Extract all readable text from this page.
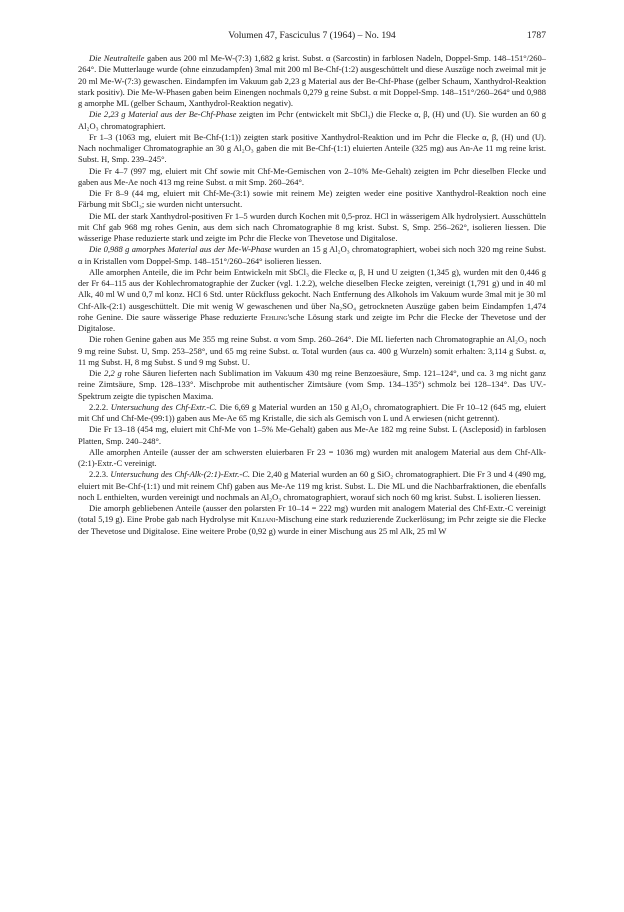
Volumen 47, Fasciculus 7 (1964) – No. 194	1787

Die Neutralteile gaben aus 200 ml Me-W-(7:3) 1,682 g krist. Subst. α (Sarcostin) in farblosen Nadeln, Doppel-Smp. 148–151°/260–264°. Die Mutterlauge wurde (ohne einzudampfen) 3mal mit 200 ml Be-Chf-(1:2) ausgeschüttelt und diese Auszüge noch zweimal mit je 20 ml Me-W-(7:3) gewaschen. Eindampfen im Vakuum gab 2,23 g Material aus der Be-Chf-Phase (gelber Schaum, Xanthydrol-Reaktion stark positiv). Die Me-W-Phasen gaben beim Einengen nochmals 0,279 g reine Subst. α mit Doppel-Smp. 148–151°/260–264° und 0,988 g amorphe ML (gelber Schaum, Xanthydrol-Reaktion negativ).

Die 2,23 g Material aus der Be-Chf-Phase zeigten im Pchr (entwickelt mit SbCl₃) die Flecke α, β, (H) und (U). Sie wurden an 60 g Al₂O₃ chromatographiert.

Fr 1–3 (1063 mg, eluiert mit Be-Chf-(1:1)) zeigten stark positive Xanthydrol-Reaktion und im Pchr die Flecke α, β, (H) und (U). Nach nochmaliger Chromatographie an 30 g Al₂O₃ gaben die mit Be-Chf-(1:1) eluierten Anteile (325 mg) aus An-Ae 11 mg reine krist. Subst. H, Smp. 239–245°.

Die Fr 4–7 (997 mg, eluiert mit Chf sowie mit Chf-Me-Gemischen von 2–10% Me-Gehalt) zeigten im Pchr dieselben Flecke und gaben aus Me-Ae noch 413 mg reine Subst. α mit Smp. 260–264°.

Die Fr 8–9 (44 mg, eluiert mit Chf-Me-(3:1) sowie mit reinem Me) zeigten weder eine positive Xanthydrol-Reaktion noch eine Färbung mit SbCl₃; sie wurden nicht untersucht.

Die ML der stark Xanthydrol-positiven Fr 1–5 wurden durch Kochen mit 0,5-proz. HCl in wässerigem Alk hydrolysiert. Ausschütteln mit Chf gab 968 mg rohes Genin, aus dem sich nach Chromatographie 8 mg krist. Subst. S, Smp. 256–262°, isolieren liessen. Die wässerige Phase reduzierte stark und zeigte im Pchr die Flecke von Thevetose und Digitalose.

Die 0,988 g amorphes Material aus der Me-W-Phase wurden an 15 g Al₂O₃ chromatographiert, wobei sich noch 320 mg reine Subst. α in Kristallen vom Doppel-Smp. 148–151°/260–264° isolieren liessen.

Alle amorphen Anteile, die im Pchr beim Entwickeln mit SbCl₃ die Flecke α, β, H und U zeigten (1,345 g), wurden mit den 0,446 g der Fr 64–115 aus der Kohlechromatographie der Zucker (vgl. 1.2.2), welche dieselben Flecke zeigten, vereinigt (1,791 g) und in 40 ml Alk, 40 ml W und 0,7 ml konz. HCl 6 Std. unter Rückfluss gekocht. Nach Entfernung des Alkohols im Vakuum wurde 3mal mit je 30 ml Chf-Alk-(2:1) ausgeschüttelt. Die mit wenig W gewaschenen und über Na₂SO₄ getrockneten Auszüge gaben beim Eindampfen 1,474 rohe Genine. Die saure wässerige Phase reduzierte Fehling'sche Lösung stark und zeigte im Pchr die Flecke der Thevetose und der Digitalose.

Die rohen Genine gaben aus Me 355 mg reine Subst. α vom Smp. 260–264°. Die ML lieferten nach Chromatographie an Al₂O₃ noch 9 mg reine Subst. U, Smp. 253–258°, und 65 mg reine Subst. α. Total wurden (aus ca. 400 g Wurzeln) somit erhalten: 3,114 g Subst. α, 11 mg Subst. H, 8 mg Subst. S und 9 mg Subst. U.

Die 2,2 g rohe Säuren lieferten nach Sublimation im Vakuum 430 mg reine Benzoesäure, Smp. 121–124°, und ca. 3 mg nicht ganz reine Zimtsäure, Smp. 128–133°. Mischprobe mit authentischer Zimtsäure (vom Smp. 134–135°) schmolz bei 128–134°. Das UV.-Spektrum zeigte die typischen Maxima.

2.2.2. Untersuchung des Chf-Extr.-C. Die 6,69 g Material wurden an 150 g Al₂O₃ chromatographiert. Die Fr 10–12 (645 mg, eluiert mit Chf und Chf-Me-(99:1)) gaben aus Me-Ae 65 mg Kristalle, die sich als Gemisch von L und A erwiesen (nicht getrennt).

Die Fr 13–18 (454 mg, eluiert mit Chf-Me von 1–5% Me-Gehalt) gaben aus Me-Ae 182 mg reine Subst. L (Ascleposid) in farblosen Platten, Smp. 240–248°.

Alle amorphen Anteile (ausser der am schwersten eluierbaren Fr 23 = 1036 mg) wurden mit analogem Material aus dem Chf-Alk-(2:1)-Extr.-C vereinigt.

2.2.3. Untersuchung des Chf-Alk-(2:1)-Extr.-C. Die 2,40 g Material wurden an 60 g SiO₂ chromatographiert. Die Fr 3 und 4 (490 mg, eluiert mit Be-Chf-(1:1) und mit reinem Chf) gaben aus Me-Ae 119 mg krist. Subst. L. Die ML und die Nachbarfraktionen, die ebenfalls noch L enthielten, wurden vereinigt und nochmals an Al₂O₃ chromatographiert, worauf sich noch 60 mg krist. Subst. L isolieren liessen.

Die amorph gebliebenen Anteile (ausser den polarsten Fr 10–14 = 222 mg) wurden mit analogem Material des Chf-Extr.-C vereinigt (total 5,19 g). Eine Probe gab nach Hydrolyse mit Kiliani-Mischung eine stark reduzierende Zuckerlösung; im Pchr zeigte sie die Flecke der Thevetose und Digitalose. Eine weitere Probe (0,92 g) wurde in einer Mischung aus 25 ml Alk, 25 ml W
